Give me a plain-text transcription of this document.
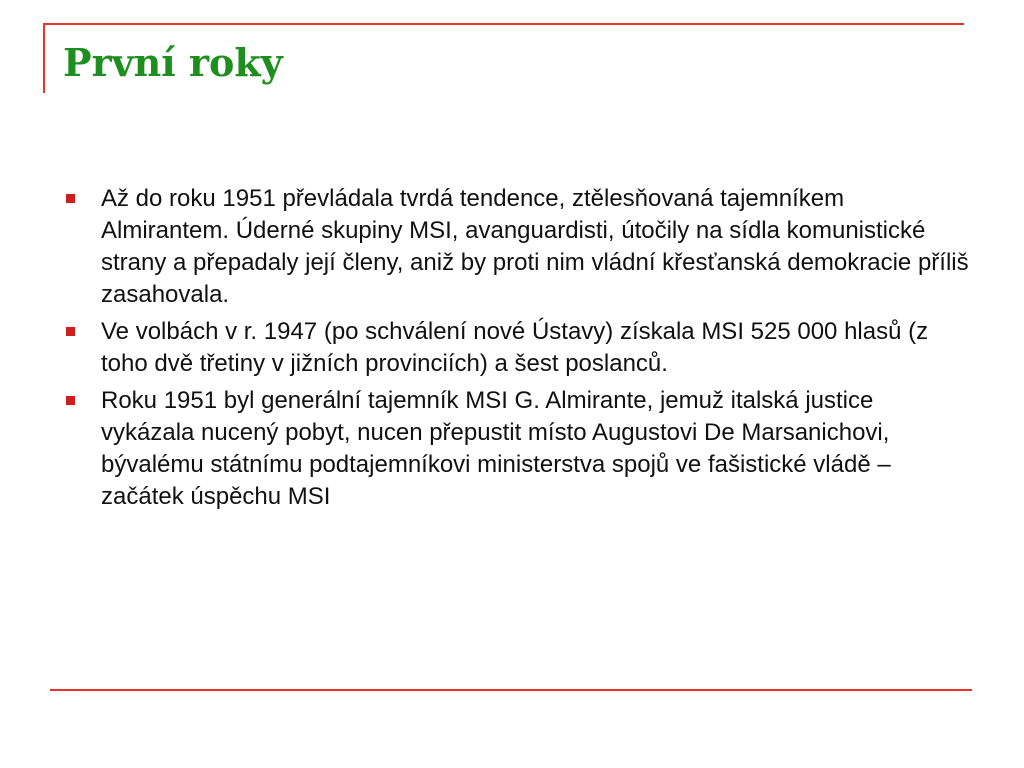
První roky
Až do roku 1951 převládala tvrdá tendence, ztělesňovaná tajemníkem Almirantem. Úderné skupiny MSI, avanguardisti, útočily na sídla komunistické strany a přepadaly její členy, aniž by proti nim vládní křesťanská demokracie příliš zasahovala.
Ve volbách v r. 1947 (po schválení nové Ústavy) získala MSI 525 000 hlasů (z toho dvě třetiny v jižních provinciích) a šest poslanců.
Roku 1951 byl generální tajemník MSI G. Almirante, jemuž italská justice vykázala nucený pobyt, nucen přepustit místo Augustovi De Marsanichovi, bývalému státnímu podtajemníkovi ministerstva spojů ve fašistické vládě – začátek úspěchu MSI
